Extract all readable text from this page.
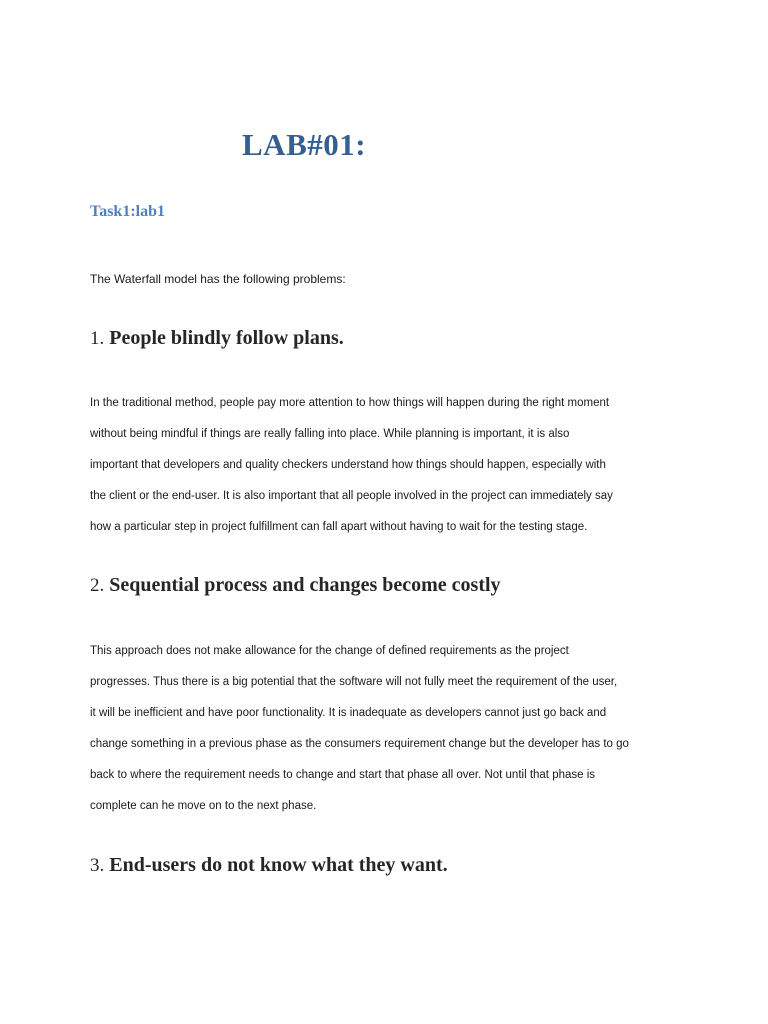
LAB#01:
Task1:lab1

The Waterfall model has the following problems:

1. People blindly follow plans.
In the traditional method, people pay more attention to how things will happen during the right moment
without being mindful if things are really falling into place. While planning is important, it is also
important that developers and quality checkers understand how things should happen, especially with
the client or the end-user. It is also important that all people involved in the project can immediately say
how a particular step in project fulfillment can fall apart without having to wait for the testing stage.
2. Sequential process and changes become costly
This approach does not make allowance for the change of defined requirements as the project
progresses. Thus there is a big potential that the software will not fully meet the requirement of the user,
it will be inefficient and have poor functionality. It is inadequate as developers cannot just go back and
change something in a previous phase as the consumers requirement change but the developer has to go
back to where the requirement needs to change and start that phase all over. Not until that phase is
complete can he move on to the next phase.
3. End-users do not know what they want.
